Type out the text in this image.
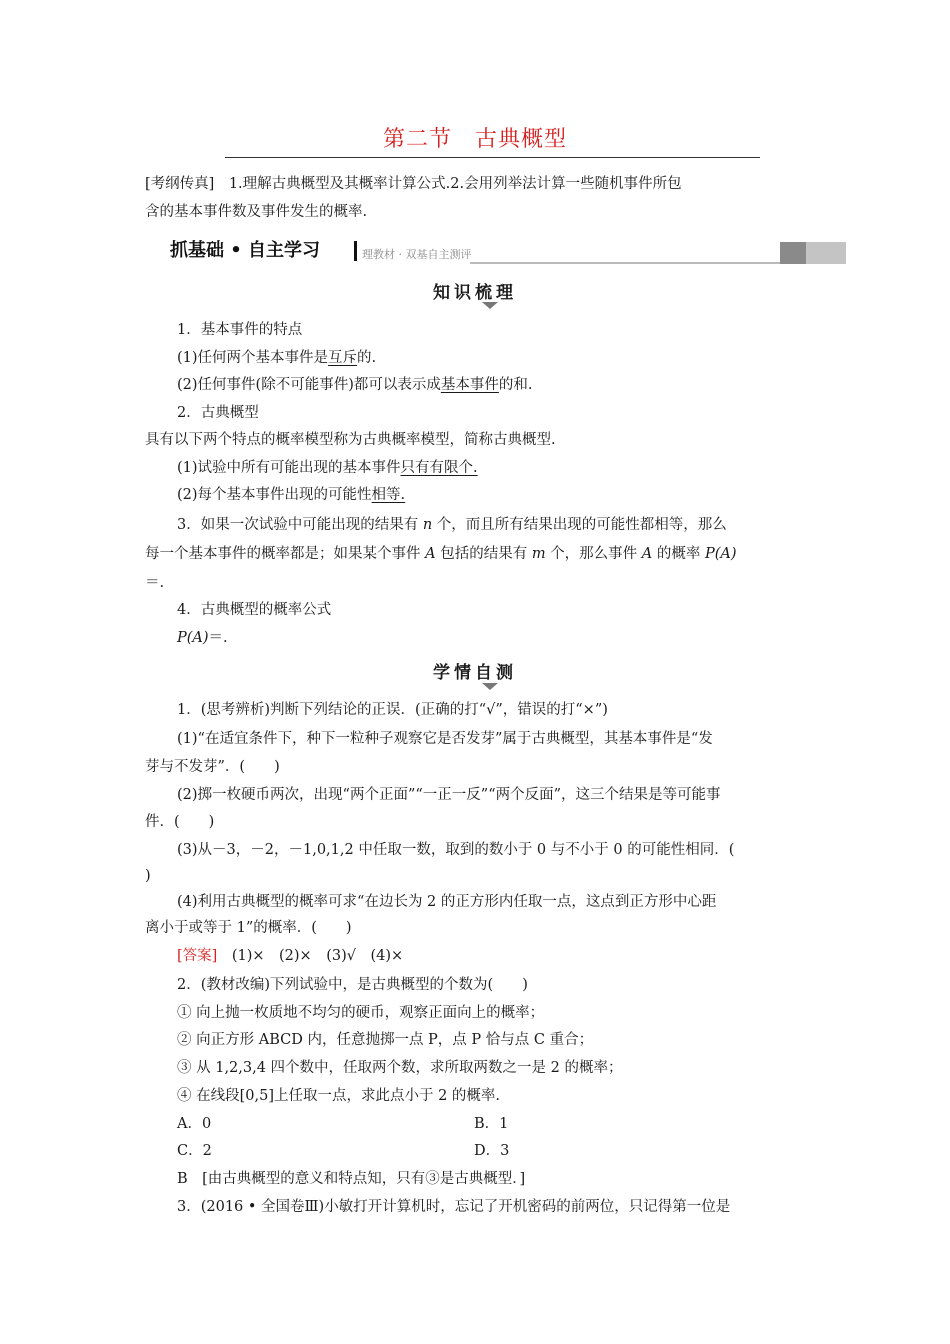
第二节　古典概型
[考纲传真]　1.理解古典概型及其概率计算公式.2.会用列举法计算一些随机事件所包
含的基本事件数及事件发生的概率.
抓基础 • 自主学习	理教材 · 双基自主测评
知识梳理
1．基本事件的特点
(1)任何两个基本事件是互斥的.
(2)任何事件(除不可能事件)都可以表示成基本事件的和.
2．古典概型
具有以下两个特点的概率模型称为古典概率模型，简称古典概型.
(1)试验中所有可能出现的基本事件只有有限个.
(2)每个基本事件出现的可能性相等.
3．如果一次试验中可能出现的结果有 n 个，而且所有结果出现的可能性都相等，那么
每一个基本事件的概率都是；如果某个事件 A 包括的结果有 m 个，那么事件 A 的概率 P(A)
＝.
4．古典概型的概率公式
P(A)＝.
学情自测
1．(思考辨析)判断下列结论的正误．(正确的打“√”，错误的打“×”)
(1)“在适宜条件下，种下一粒种子观察它是否发芽”属于古典概型，其基本事件是“发
芽与不发芽”．(　　)
(2)掷一枚硬币两次，出现“两个正面”“一正一反”“两个反面”，这三个结果是等可能事
件．(　　)
(3)从－3，－2，－1,0,1,2 中任取一数，取到的数小于 0 与不小于 0 的可能性相同．(
)
(4)利用古典概型的概率可求“在边长为 2 的正方形内任取一点，这点到正方形中心距
离小于或等于 1”的概率．(　　)
[答案]　(1)×　(2)×　(3)√　(4)×
2．(教材改编)下列试验中，是古典概型的个数为(　　)
① 向上抛一枚质地不均匀的硬币，观察正面向上的概率；
② 向正方形 ABCD 内，任意抛掷一点 P，点 P 恰与点 C 重合；
③ 从 1,2,3,4 四个数中，任取两个数，求所取两数之一是 2 的概率；
④ 在线段[0,5]上任取一点，求此点小于 2 的概率.
A．0	B．1
C．2	D．3
B　[由古典概型的意义和特点知，只有③是古典概型．]
3．(2016 • 全国卷Ⅲ)小敏打开计算机时，忘记了开机密码的前两位，只记得第一位是
